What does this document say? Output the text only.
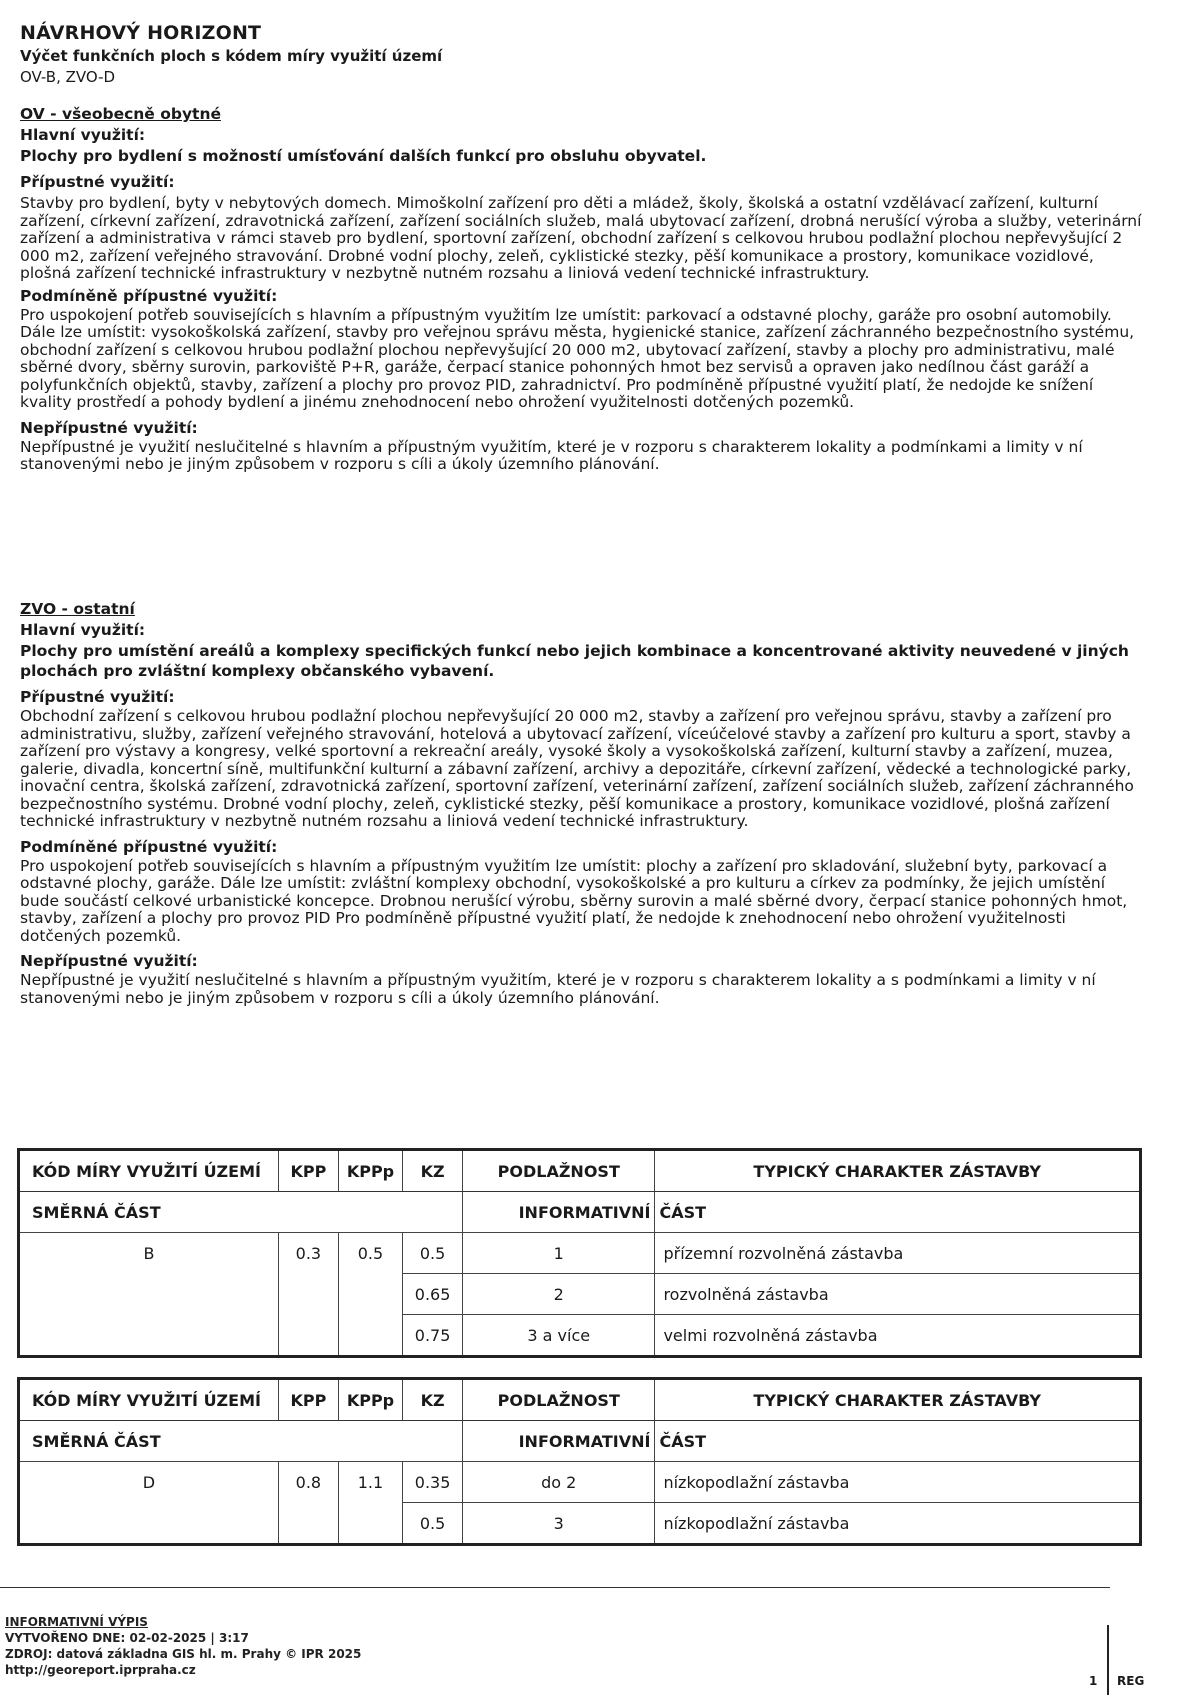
NÁVRHOVÝ HORIZONT
Výčet funkčních ploch s kódem míry využití území
OV-B, ZVO-D

OV - všeobecně obytné

Hlavní využití:

Plochy pro bydlení s možností umísťování dalších funkcí pro obsluhu obyvatel.

Přípustné využití:

Stavby pro bydlení, byty v nebytových domech. Mimoškolní zařízení pro děti a mládež, školy, školská a ostatní vzdělávací zařízení, kulturní zařízení, církevní zařízení, zdravotnická zařízení, zařízení sociálních služeb, malá ubytovací zařízení, drobná nerušící výroba a služby, veterinární zařízení a administrativa v rámci staveb pro bydlení, sportovní zařízení, obchodní zařízení s celkovou hrubou podlažní plochou nepřevyšující 2 000 m2, zařízení veřejného stravování. Drobné vodní plochy, zeleň, cyklistické stezky, pěší komunikace a prostory, komunikace vozidlové, plošná zařízení technické infrastruktury v nezbytně nutném rozsahu a liniová vedení technické infrastruktury.

Podmíněně přípustné využití:

Pro uspokojení potřeb souvisejících s hlavním a přípustným využitím lze umístit: parkovací a odstavné plochy, garáže pro osobní automobily. Dále lze umístit: vysokoškolská zařízení, stavby pro veřejnou správu města, hygienické stanice, zařízení záchranného bezpečnostního systému, obchodní zařízení s celkovou hrubou podlažní plochou nepřevyšující 20 000 m2, ubytovací zařízení, stavby a plochy pro administrativu, malé sběrné dvory, sběrny surovin, parkoviště P+R, garáže, čerpací stanice pohonných hmot bez servisů a opraven jako nedílnou část garáží a polyfunkčních objektů, stavby, zařízení a plochy pro provoz PID, zahradnictví. Pro podmíněně přípustné využití platí, že nedojde ke snížení kvality prostředí a pohody bydlení a jinému znehodnocení nebo ohrožení využitelnosti dotčených pozemků.

Nepřípustné využití:

Nepřípustné je využití neslučitelné s hlavním a přípustným využitím, které je v rozporu s charakterem lokality a podmínkami a limity v ní stanovenými nebo je jiným způsobem v rozporu s cíli a úkoly územního plánování.

ZVO - ostatní

Hlavní využití:

Plochy pro umístění areálů a komplexy specifických funkcí nebo jejich kombinace a koncentrované aktivity neuvedené v jiných plochách pro zvláštní komplexy občanského vybavení.

Přípustné využití:

Obchodní zařízení s celkovou hrubou podlažní plochou nepřevyšující 20 000 m2, stavby a zařízení pro veřejnou správu, stavby a zařízení pro administrativu, služby, zařízení veřejného stravování, hotelová a ubytovací zařízení, víceúčelové stavby a zařízení pro kulturu a sport, stavby a zařízení pro výstavy a kongresy, velké sportovní a rekreační areály, vysoké školy a vysokoškolská zařízení, kulturní stavby a zařízení, muzea, galerie, divadla, koncertní síně, multifunkční kulturní a zábavní zařízení, archivy a depozitáře, církevní zařízení, vědecké a technologické parky, inovační centra, školská zařízení, zdravotnická zařízení, sportovní zařízení, veterinární zařízení, zařízení sociálních služeb, zařízení záchranného bezpečnostního systému. Drobné vodní plochy, zeleň, cyklistické stezky, pěší komunikace a prostory, komunikace vozidlové, plošná zařízení technické infrastruktury v nezbytně nutném rozsahu a liniová vedení technické infrastruktury.

Podmíněné přípustné využití:

Pro uspokojení potřeb souvisejících s hlavním a přípustným využitím lze umístit: plochy a zařízení pro skladování, služební byty, parkovací a odstavné plochy, garáže. Dále lze umístit: zvláštní komplexy obchodní, vysokoškolské a pro kulturu a církev za podmínky, že jejich umístění bude součástí celkové urbanistické koncepce. Drobnou nerušící výrobu, sběrny surovin a malé sběrné dvory, čerpací stanice pohonných hmot, stavby, zařízení a plochy pro provoz PID Pro podmíněně přípustné využití platí, že nedojde k znehodnocení nebo ohrožení využitelnosti dotčených pozemků.

Nepřípustné využití:

Nepřípustné je využití neslučitelné s hlavním a přípustným využitím, které je v rozporu s charakterem lokality a s podmínkami a limity v ní stanovenými nebo je jiným způsobem v rozporu s cíli a úkoly územního plánování.

KÓD MÍRY VYUŽITÍ ÚZEMÍ	KPP	KPPp	KZ	PODLAŽNOST	TYPICKÝ CHARAKTER ZÁSTAVBY
SMĚRNÁ ČÁST				INFORMATIVNÍ	ČÁST
B	0.3	0.5	0.5	1	přízemní rozvolněná zástavba
			0.65	2	rozvolněná zástavba
			0.75	3 a více	velmi rozvolněná zástavba
KÓD MÍRY VYUŽITÍ ÚZEMÍ	KPP	KPPp	KZ	PODLAŽNOST	TYPICKÝ CHARAKTER ZÁSTAVBY
SMĚRNÁ ČÁST				INFORMATIVNÍ	ČÁST
D	0.8	1.1	0.35	do 2	nízkopodlažní zástavba
			0.5	3	nízkopodlažní zástavba
INFORMATIVNÍ VÝPIS
VYTVOŘENO DNE: 02-02-2025 | 3:17
ZDROJ: datová základna GIS hl. m. Prahy © IPR 2025
http://georeport.iprpraha.cz
1 REG
